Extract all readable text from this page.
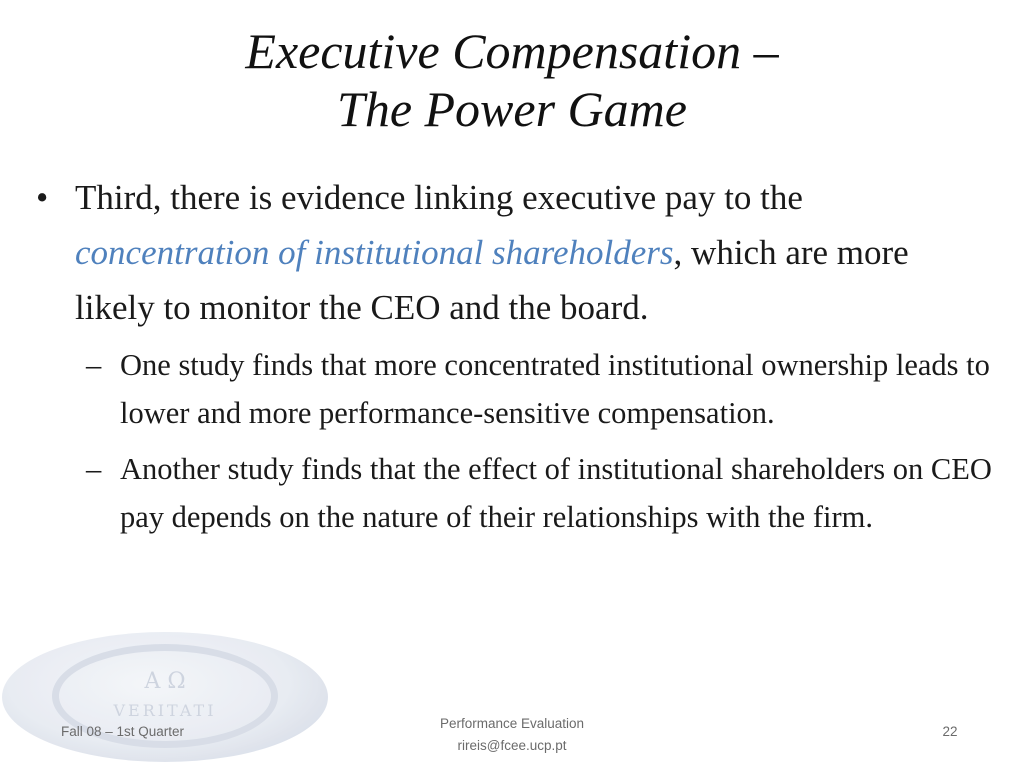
Executive Compensation –
The Power Game
• Third, there is evidence linking executive pay to the concentration of institutional shareholders, which are more likely to monitor the CEO and the board.
– One study finds that more concentrated institutional ownership leads to lower and more performance-sensitive compensation.
– Another study finds that the effect of institutional shareholders on CEO pay depends on the nature of their relationships with the firm.
Α Ω
VERITATI
Fall 08 – 1st Quarter
Performance Evaluation
rireis@fcee.ucp.pt
22
